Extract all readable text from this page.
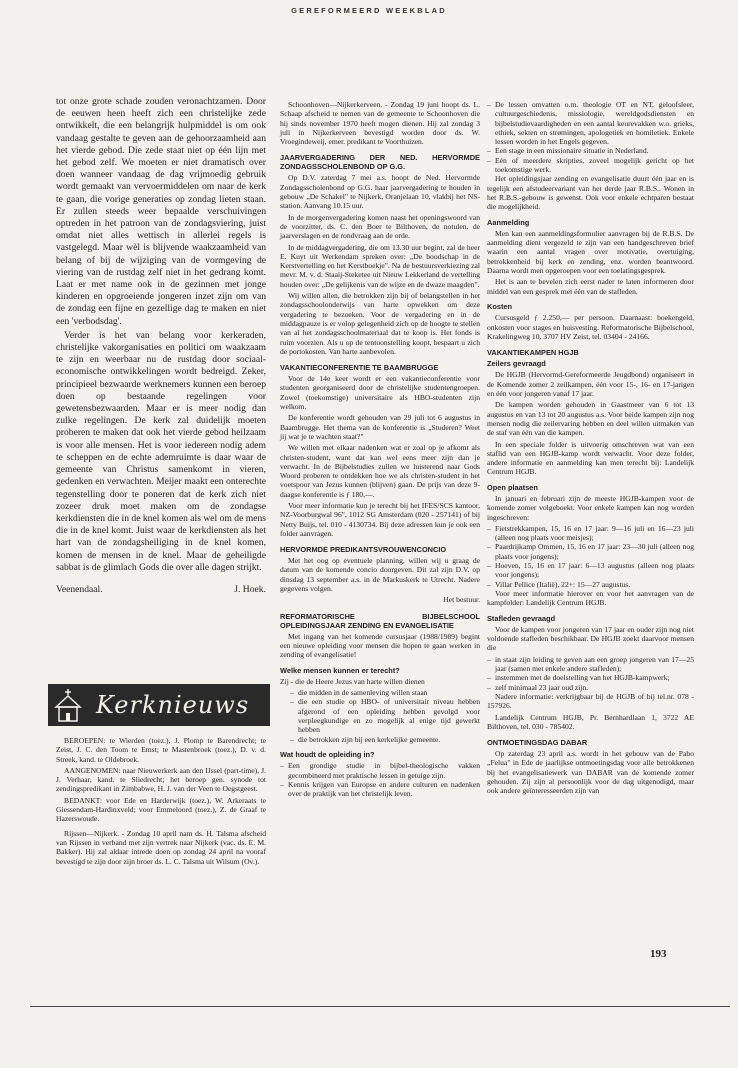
GEREFORMEERD WEEKBLAD

tot onze grote schade zouden veronachtzamen. Door de eeuwen heen heeft zich een christelijke zede ontwikkelt, die een belangrijk hulpmiddel is om ook vandaag gestalte te geven aan de gehoorzaamheid aan het vierde gebod. Die zede staat niet op één lijn met het gebod zelf. We moeten er niet dramatisch over doen wanneer vandaag de dag vrijmoedig gebruik wordt gemaakt van vervoermiddelen om naar de kerk te gaan, die vorige generaties op zondag lieten staan. Er zullen steeds weer bepaalde verschuivingen optreden in het patroon van de zondagsviering, juist omdat niet alles wettisch in allerlei regels is vastgelegd. Maar wèl is blijvende waakzaamheid van belang of bij de wijziging van de vormgeving de viering van de rustdag zelf niet in het gedrang komt. Laat er met name ook in de gezinnen met jonge kinderen en opgroeiende jongeren inzet zijn om van de zondag een fijne en gezellige dag te maken en niet een 'verbodsdag'.

Verder is het van belang voor kerkeraden, christelijke vakorganisaties en politici om waakzaam te zijn en weerbaar nu de rustdag door sociaal-economische ontwikkelingen wordt bedreigd. Zeker, principieel bezwaarde werknemers kunnen een beroep doen op bestaande regelingen voor gewetensbezwaarden. Maar er is meer nodig dan zulke regelingen. De kerk zal duidelijk moeten proberen te maken dat ook het vierde gebod heilzaam is voor alle mensen. Het is voor iedereen nodig adem te scheppen en de echte ademruimte is daar waar de gemeente van Christus samenkomt in vieren, gedenken en verwachten. Meijer maakt een onterechte tegenstelling door te poneren dat de kerk zich niet zozeer druk moet maken om de zondagse kerkdiensten die in de knel komen als wel om de mens die in de knel komt. Juist waar de kerkdiensten als het hart van de zondagsheiliging in de knel komen, komen de mensen in de knel. Maar de geheiligde sabbat is de glimlach Gods die over alle dagen strijkt.

Veenendaal.	J. Hoek.
Kerknieuws

BEROEPEN: te Wierden (toez.), J. Plomp te Barendrecht; te Zeist, J. C. den Toom te Emst; te Mastenbroek (toez.), D. v. d. Streek, kand. te Oldebroek.

AANGENOMEN: naar Nieuwerkerk aan den IJssel (part-time), J. J. Verhaar, kand. te Sliedrecht; het beroep gen. synode tot zendingspredikant in Zimbabwe, H. J. van der Veen te Oegstgeest.

BEDANKT: voor Ede en Harderwijk (toez.), W. Arkeraats te Giessendam-Hardinxveld; voor Emmeloord (toez.), Z. de Graaf te Hazerswoude.

Rijssen—Nijkerk. - Zondag 10 april nam ds. H. Talsma afscheid van Rijssen in verband met zijn vertrek naar Nijkerk (vac. ds. E. M. Bakker). Hij zal aldaar intrede doen op zondag 24 april na vooraf bevestigd te zijn door zijn broer ds. L. C. Talsma uit Wilsum (Ov.).

Schoonhoven—Nijkerkerveen. - Zondag 19 juni hoopt ds. L. Schaap afscheid te nemen van de gemeente te Schoonhoven die hij sinds november 1970 heeft mogen dienen. Hij zal zondag 3 juli in Nijkerkerveen bevestigd worden door ds. W. Vroegindeweij, emer. predikant te Voorthuizen.

JAARVERGADERING DER NED. HERVORMDE ZONDAGSSCHOLENBOND OP G.G.

Op D.V. zaterdag 7 mei a.s. hoopt de Ned. Hervormde Zondagsscholenbond op G.G. haar jaarvergadering te houden in gebouw „De Schakel" te Nijkerk, Oranjelaan 10, vlakbij het NS-station. Aanvang 10.15 uur.

In de morgenvergadering komen naast het openingswoord van de voorzitter, ds. C. den Boer te Bilthoven, de notulen, de jaarverslagen en de rondvraag aan de orde.

In de middagvergadering, die om 13.30 uur begint, zal de heer E. Kuyt uit Werkendam spreken over: „De boodschap in de Kerstvertelling en het Kerstboekje". Na de bestuursverkiezing zal mevr. M. v. d. Staaij-Steketee uit Nieuw Lekkerland de vertelling houden over: „De gelijkenis van de wijze en de dwaze maagden".

Wij willen allen, die betrokken zijn bij of belangstellen in het zondagsschoolonderwijs van harte opwekken om deze vergadering te bezoeken. Voor de vergadering en in de middagpauze is er volop gelegenheid zich op de hoogte te stellen van al het zondagsschoolmateriaal dat te koop is. Het fonds is ruim voorzien. Als u op de tentoonstelling koopt, bespaart u zich de portokosten. Van harte aanbevolen.

VAKANTIECONFERENTIE TE BAAMBRUGGE

Voor de 14e keer wordt er een vakantieconferentie voor studenten georganiseerd door de christelijke studentengroepen. Zowel (toekomstige) universitaire als HBO-studenten zijn welkom.

De konferentie wordt gehouden van 29 juli tot 6 augustus in Baambrugge. Het thema van de konferentie is „Studeren? Weet jij wat je te wachten staat?"

We willen met elkaar nadenken wat er zoal op je afkomt als christen-student, want dat kan wel eens meer zijn dan je verwacht. In de Bijbelstudies zullen we luisterend naar Gods Woord proberen te ontdekken hoe we als christen-student in het voetspoor van Jezus kunnen (blijven) gaan. De prijs van deze 9-daagse konferentie is ƒ 180,—.

Voor meer informatie kun je terecht bij het IFES/SCS kantoor, NZ-Voorburgwal 96", 1012 SG Amsterdam (020 - 257141) of bij Netty Buijs, tel. 010 - 4130734. Bij deze adressen kun je ook een folder aanvragen.

HERVORMDE PREDIKANTSVROUWENCONCIO

Met het oog op eventuele planning, willen wij u graag de datum van de komende concio doorgeven. Dit zal zijn D.V. op dinsdag 13 september a.s. in de Markuskerk te Utrecht. Nadere gegevens volgen.

Het bestuur.

REFORMATORISCHE BIJBELSCHOOL OPLEIDINGSJAAR ZENDING EN EVANGELISATIE

Met ingang van het komende cursusjaar (1988/1989) begint een nieuwe opleiding voor mensen die hopen te gaan werken in zending of evangelisatie!

Welke mensen kunnen er terecht?

Zij - die de Heere Jezus van harte willen dienen

– die midden in de samenleving willen staan
– die een studie op HBO- of universitair niveau hebben afgerond of een opleiding hebben gevolgd voor verpleegkundige en zo mogelijk al enige tijd gewerkt hebben
– die betrokken zijn bij een kerkelijke gemeente.
Wat houdt de opleiding in?
– Een grondige studie in bijbel-theologische vakken gecombineerd met praktische lessen in getuige zijn.
– Kennis krijgen van Europse en andere culturen en nadenken over de praktijk van het christelijk leven.
– De lessen omvatten o.m. theologie OT en NT, geloofsleer, cultuurgeschiedenis, missiologie, wereldgodsdiensten en bijbelstudievaardigheden en een aantal keurevakken w.o. grieks, ethiek, sekten en strømingen, apologetiek en homiletiek. Enkele lessen worden in het Engels gegeven.
– Een stage in een missionaire situatie in Nederland.
– Eén of meerdere skripties, zoveel mogelijk gericht op het toekomstige werk.

Het opleidingsjaar zending en evangelisatie duurt één jaar en is tegelijk een afstudeervariant van het derde jaar R.B.S.. Wonen in het R.B.S.-gebouw is gewenst. Ook voor enkele echtparen bestaat die mogelijkheid.

Aanmelding

Men kan een aanmeldingsformulier aanvragen bij de R.B.S. De aanmelding dient vergezeld te zijn van een handgeschreven brief waarin een aantal vragen over motivatie, overtuiging, betrokkenheid bij kerk en zending, enz. worden beantwoord. Daarna wordt men opgeroepen voor een toelatingsgesprek.

Het is aan te bevelen zich eerst nader te laten informeren door middel van een gesprek met één van de stafleden.

Kosten

Cursusgeld ƒ 2.250,— per persoon. Daarnaast: boekengeld, onkosten voor stages en huisvesting. Reformatorische Bijbelschool, Krakelingweg 10, 3707 HV Zeist, tel. 03404 - 24166.

VAKANTIEKAMPEN HGJB
Zeilers gevraagd

De HGJB (Hervormd-Gereformeerde Jeugdbond) organiseert in de Komende zomer 2 zeilkampen, één voor 15-, 16- en 17-jarigen en één voor jongeren vanaf 17 jaar.

De kampen worden gehouden in Gaastmeer van 6 tot 13 augustus en van 13 tot 20 augustus a.s. Voor beide kampen zijn nog mensen nodig die zeilervaring hebben en deel willen uitmaken van de staf van één van die kampen.

In een speciale folder is uitvoerig omschreven wat van een staflid van een HGJB-kamp wordt verwacht. Voor deze folder, andere informatie en aanmelding kan men terecht bij: Landelijk Centrum HGJB.

Open plaatsen

In januari en februari zijn de meeste HGJB-kampen voor de komende zomer volgeboekt. Voor enkele kampen kan nog worden ingeschreven:

– Fietstrekkampen, 15, 16 en 17 jaar: 9—16 juli en 16—23 juli (alleen nog plaats voor meisjes);
– Paardrijkamp Ommen, 15, 16 en 17 jaar: 23—30 juli (alleen nog plaats voor jongens);
– Hoeven, 15, 16 en 17 jaar: 6—13 augustus (alleen nog plaats voor jongens);
– Villar Pellice (Italië), 22+: 15—27 augustus.

Voor meer informatie hierover en voor het aanvragen van de kampfolder: Landelijk Centrum HGJB.

Stafleden gevraagd

Voor de kampen voor jongeren van 17 jaar en ouder zijn nog niet voldoende stafleden beschikbaar. De HGJB zoekt daarvoor mensen die

– in staat zijn leiding te geven aan een groep jongeren van 17—25 jaar (samen met enkele andere stafleden);
– instemmen met de doelstelling van het HGJB-kampwerk;
– zelf minimaal 23 jaar oud zijn.

Nadere informatie: verkrijgbaar bij de HGJB of bij tel.nr. 078 - 157926.

Landelijk Centrum HGJB, Pr. Bernhardlaan 1, 3722 AE Bilthoven, tel. 030 - 785402.

ONTMOETINGSDAG DABAR

Op zaterdag 23 april a.s. wordt in het gebouw van de Pabo „Felua" in Ede de jaarlijkse ontmoetingsdag voor alle betrokkenen bij het evangelisatiewerk van DABAR van de komende zomer gehouden. Zij zijn al persoonlijk voor de dag uitgenodigd, maar ook andere geïnteresseerden zijn van

193
